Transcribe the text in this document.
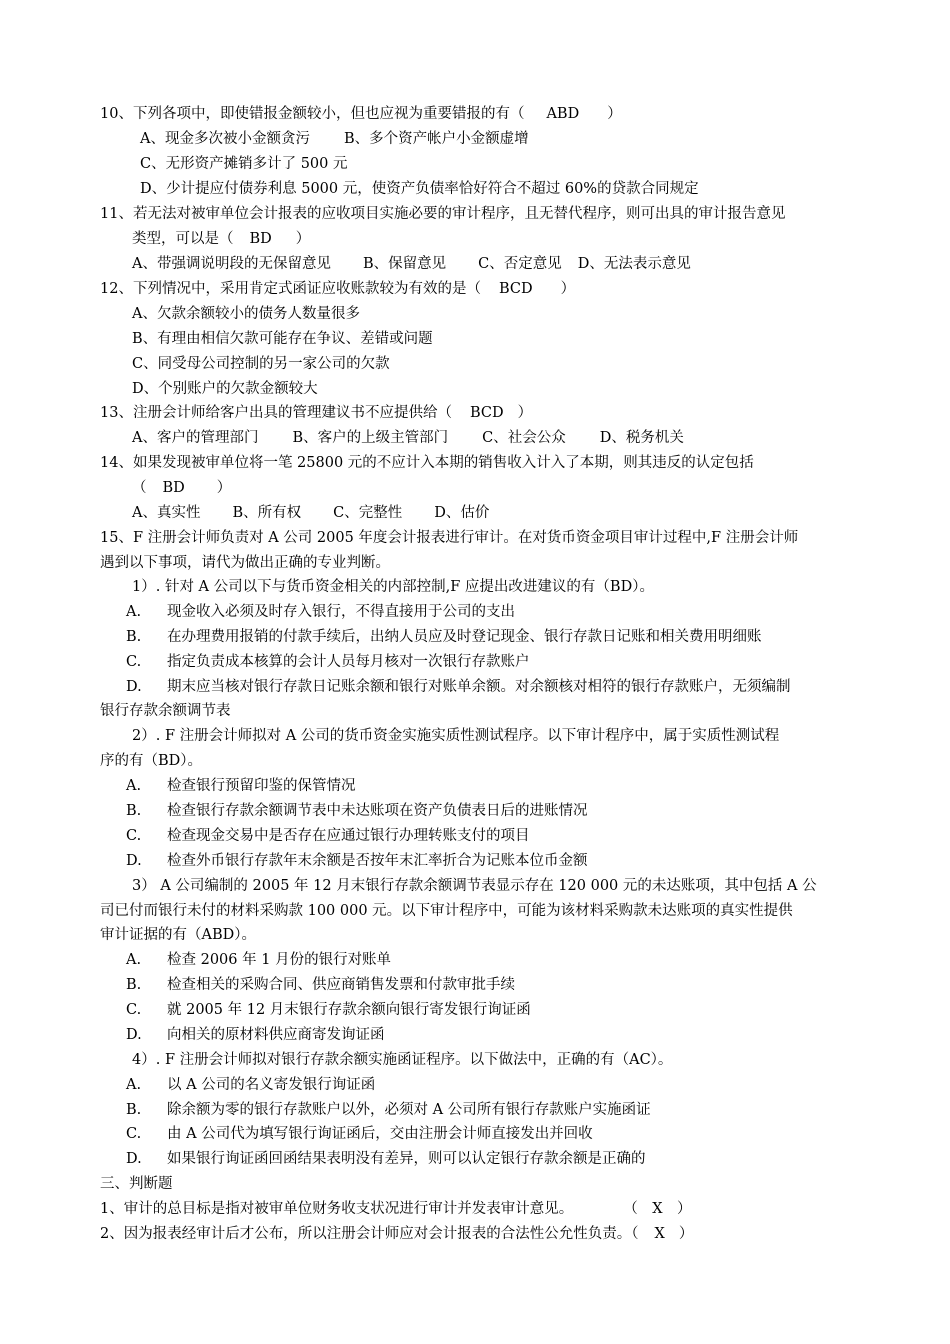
10、下列各项中，即使错报金额较小，但也应视为重要错报的有（ ABD ）
A、现金多次被小金额贪污 B、多个资产帐户小金额虚增
C、无形资产摊销多计了 500 元
D、少计提应付债券利息 5000 元，使资产负债率恰好符合不超过 60%的贷款合同规定
11、若无法对被审单位会计报表的应收项目实施必要的审计程序，且无替代程序，则可出具的审计报告意见
类型，可以是（ BD ）
A、带强调说明段的无保留意见 B、保留意见 C、否定意见 D、无法表示意见
12、下列情况中，采用肯定式函证应收账款较为有效的是（ BCD ）
A、欠款余额较小的债务人数量很多
B、有理由相信欠款可能存在争议、差错或问题
C、同受母公司控制的另一家公司的欠款
D、个别账户的欠款金额较大
13、注册会计师给客户出具的管理建议书不应提供给（ BCD ）
A、客户的管理部门 B、客户的上级主管部门 C、社会公众 D、税务机关
14、如果发现被审单位将一笔 25800 元的不应计入本期的销售收入计入了本期，则其违反的认定包括
（ BD ）
A、真实性 B、所有权 C、完整性 D、估价
15、F 注册会计师负责对 A 公司 2005 年度会计报表进行审计。在对货币资金项目审计过程中,F 注册会计师
遇到以下事项，请代为做出正确的专业判断。
1）. 针对 A 公司以下与货币资金相关的内部控制,F 应提出改进建议的有（BD）。
A. 现金收入必须及时存入银行，不得直接用于公司的支出
B. 在办理费用报销的付款手续后，出纳人员应及时登记现金、银行存款日记账和相关费用明细账
C. 指定负责成本核算的会计人员每月核对一次银行存款账户
D. 期末应当核对银行存款日记账余额和银行对账单余额。对余额核对相符的银行存款账户，无须编制
银行存款余额调节表
2）. F 注册会计师拟对 A 公司的货币资金实施实质性测试程序。以下审计程序中，属于实质性测试程
序的有（BD）。
A. 检查银行预留印鉴的保管情况
B. 检查银行存款余额调节表中未达账项在资产负债表日后的进账情况
C. 检查现金交易中是否存在应通过银行办理转账支付的项目
D. 检查外币银行存款年末余额是否按年末汇率折合为记账本位币金额
3） A 公司编制的 2005 年 12 月末银行存款余额调节表显示存在 120 000 元的未达账项，其中包括 A 公
司已付而银行未付的材料采购款 100 000 元。以下审计程序中，可能为该材料采购款未达账项的真实性提供
审计证据的有（ABD）。
A. 检查 2006 年 1 月份的银行对账单
B. 检查相关的采购合同、供应商销售发票和付款审批手续
C. 就 2005 年 12 月末银行存款余额向银行寄发银行询证函
D. 向相关的原材料供应商寄发询证函
4）. F 注册会计师拟对银行存款余额实施函证程序。以下做法中，正确的有（AC）。
A. 以 A 公司的名义寄发银行询证函
B. 除余额为零的银行存款账户以外，必须对 A 公司所有银行存款账户实施函证
C. 由 A 公司代为填写银行询证函后，交由注册会计师直接发出并回收
D. 如果银行询证函回函结果表明没有差异，则可以认定银行存款余额是正确的
三、判断题
1、审计的总目标是指对被审单位财务收支状况进行审计并发表审计意见。	（　X　）
2、因为报表经审计后才公布，所以注册会计师应对会计报表的合法性公允性负责。（ X ）
